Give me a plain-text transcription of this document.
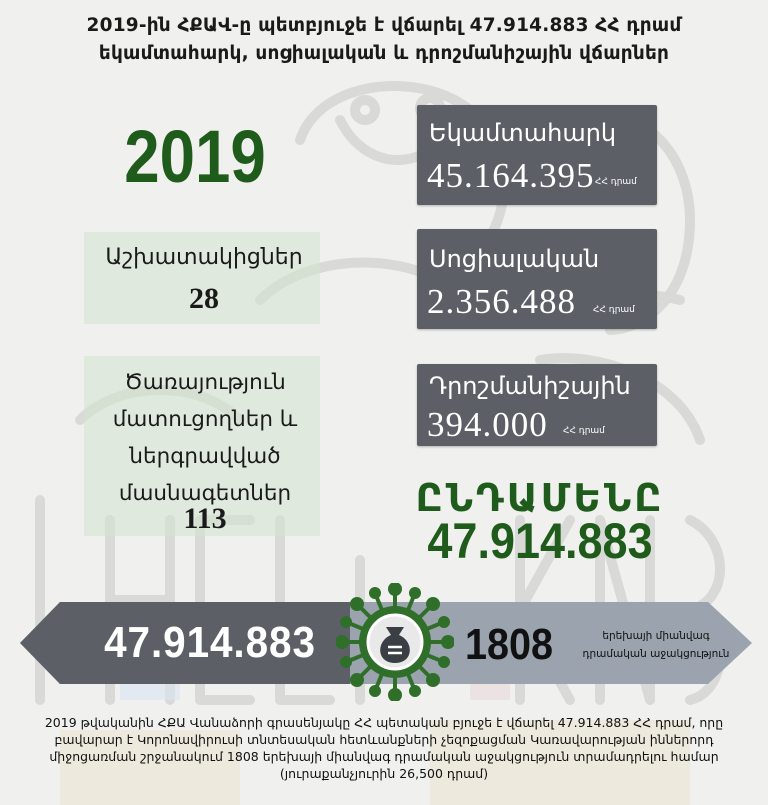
2019-ին ՀՔԱՎ-ը պետբյուջե է վճարել 47.914.883 ՀՀ դրամ
եկամտահարկ, սոցիալական և դրոշմանիշային վճարներ
2019
Աշխատակիցներ
28
Ծառայություն
մատուցողներ և
ներգրավված
մասնագետներ
113
Եկամտահարկ
45.164.395 ՀՀ դրամ
Սոցիալական
2.356.488 ՀՀ դրամ
Դրոշմանիշային
394.000 ՀՀ դրամ
ԸՆԴԱՄԵՆԸ
47.914.883
47.914.883	1808	երեխայի միանվագ
դրամական աջակցություն
2019 թվականին ՀՔԱ Վանաձորի գրասենյակը ՀՀ պետական բյուջե է վճարել 47.914.883 ՀՀ դրամ, որը
բավարար է Կորոնավիրուսի տնտեսական հետևանքների չեզոքացման Կառավարության իններորդ
միջոցառման շրջանակում 1808 երեխայի միանվագ դրամական աջակցություն տրամադրելու համար
(յուրաքանչյուրին 26,500 դրամ)
